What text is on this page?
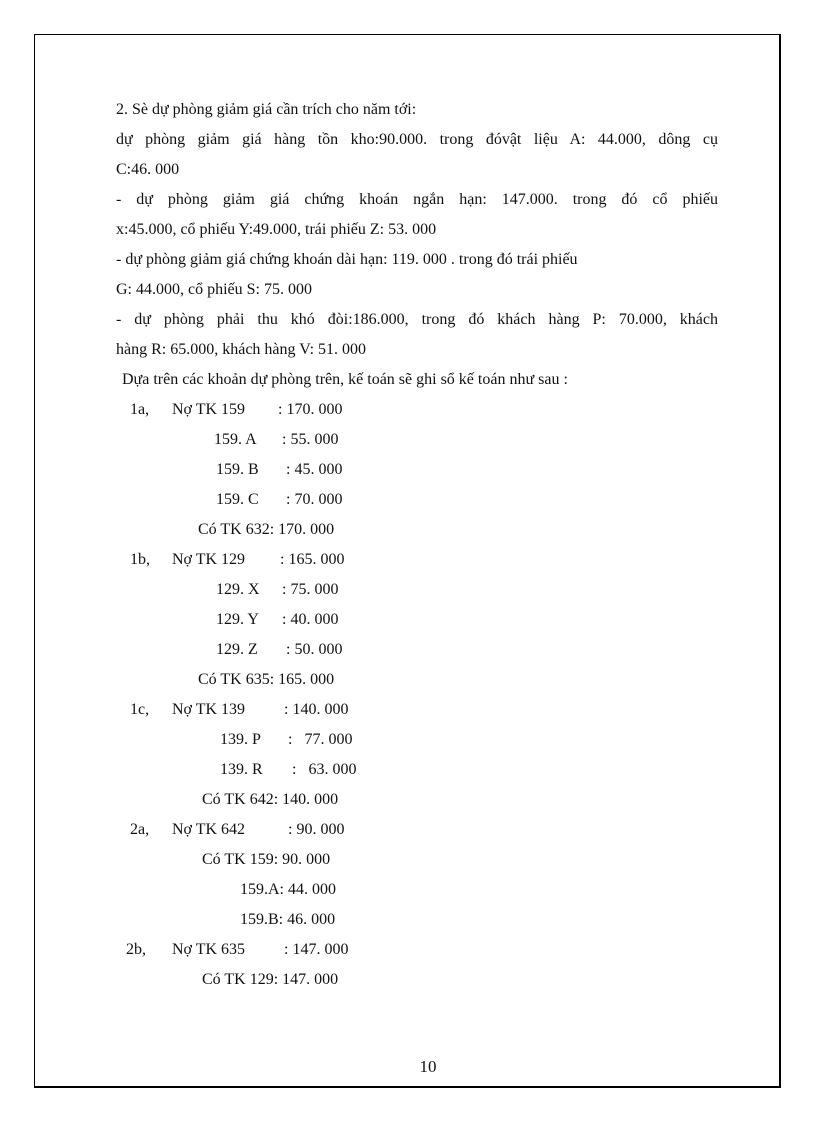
2. Sè dự phòng giảm giá cần trích cho năm tới:
dự phòng giảm giá hàng tồn kho:90.000. trong đóvật liệu A: 44.000, dông cụ
C:46. 000
- dự phòng giảm giá chứng khoán ngắn hạn: 147.000. trong đó cổ phiếu
x:45.000, cổ phiếu Y:49.000, trái phiếu Z: 53. 000
- dự phòng giảm giá chứng khoán dài hạn: 119. 000 . trong đó trái phiếu
G: 44.000, cổ phiếu S: 75. 000
- dự phòng phải thu khó đòi:186.000, trong đó khách hàng P: 70.000, khách
hàng R: 65.000, khách hàng V: 51. 000
Dựa trên các khoản dự phòng trên, kế toán sẽ ghi sổ kế toán như sau :
1a, Nợ TK 159 : 170. 000
159. A : 55. 000
159. B : 45. 000
159. C : 70. 000
Có TK 632: 170. 000
1b, Nợ TK 129 : 165. 000
129. X : 75. 000
129. Y : 40. 000
129. Z : 50. 000
Có TK 635: 165. 000
1c, Nợ TK 139 : 140. 000
139. P :   77. 000
139. R :   63. 000
Có TK 642: 140. 000
2a, Nợ TK 642	: 90. 000
Có TK 159: 90. 000
159.A: 44. 000
159.B: 46. 000
2b, Nợ TK 635 : 147. 000
Có TK 129: 147. 000
10
